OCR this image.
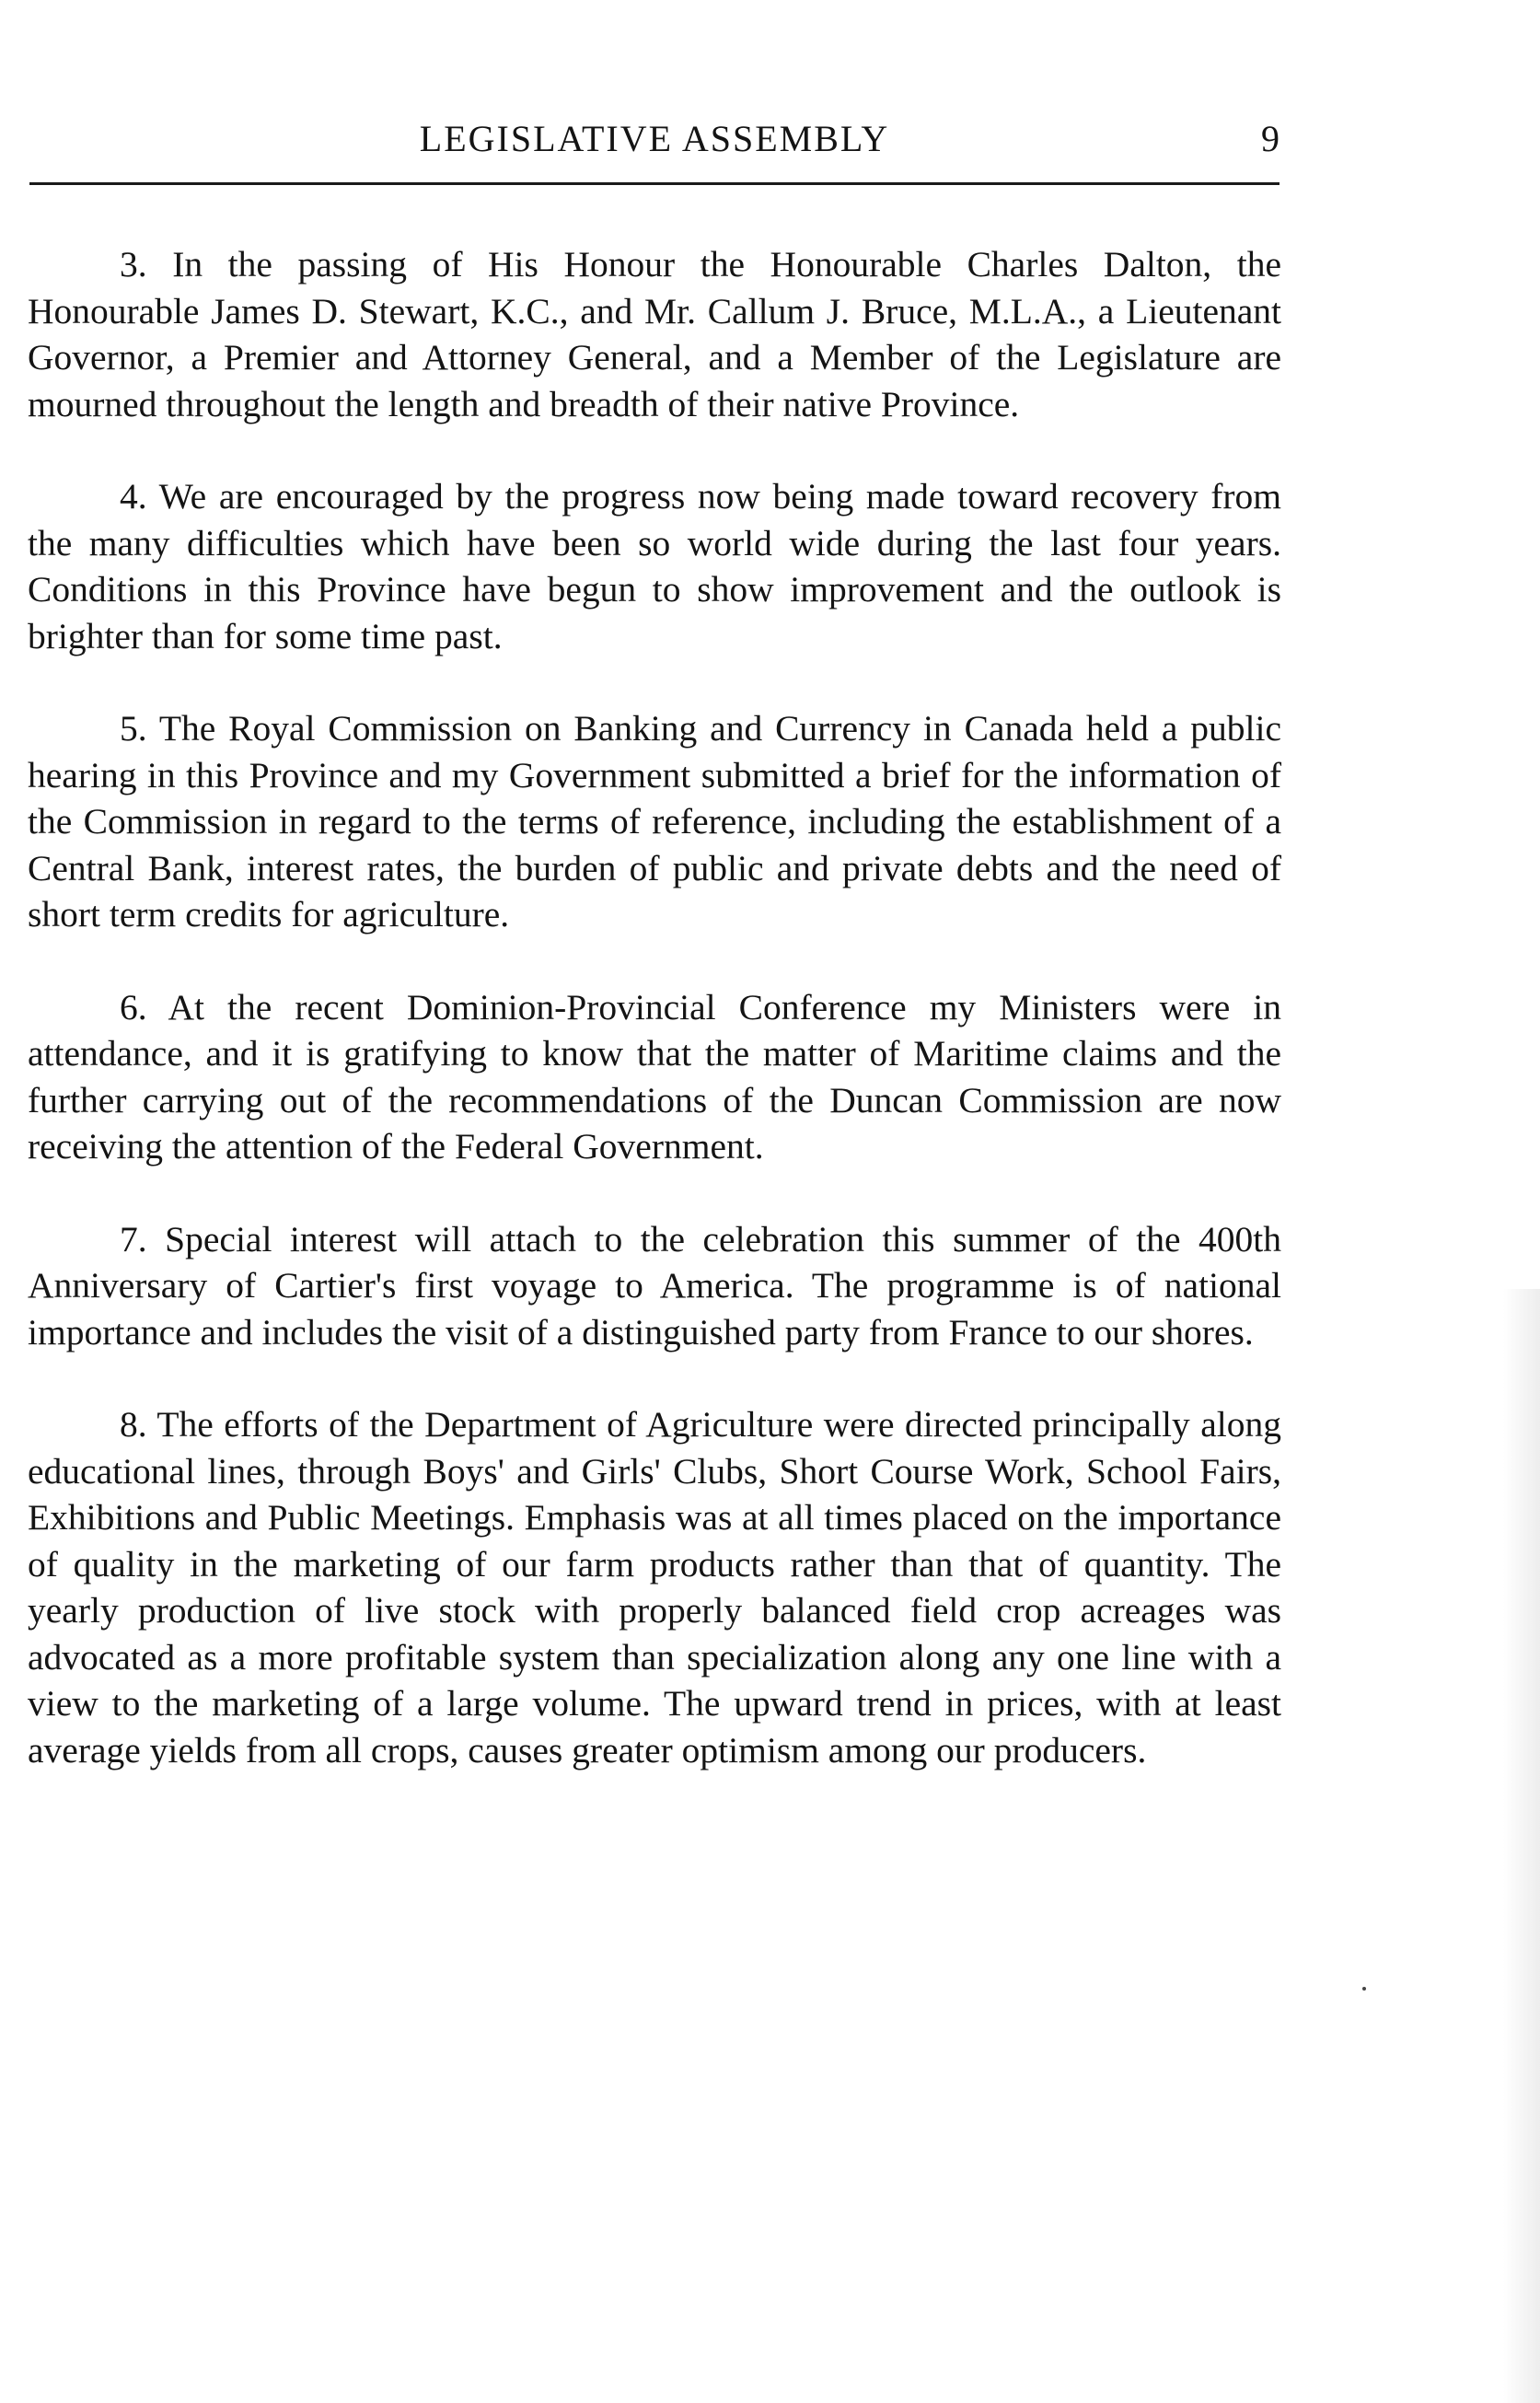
LEGISLATIVE ASSEMBLY	9

3. In the passing of His Honour the Honourable Charles Dalton, the Honourable James D. Stewart, K.C., and Mr. Callum J. Bruce, M.L.A., a Lieutenant Governor, a Premier and Attorney General, and a Member of the Legislature are mourned throughout the length and breadth of their native Province.

4. We are encouraged by the progress now being made toward recovery from the many difficulties which have been so world wide during the last four years. Conditions in this Province have begun to show improvement and the outlook is brighter than for some time past.

5. The Royal Commission on Banking and Currency in Canada held a public hearing in this Province and my Government submitted a brief for the information of the Commission in regard to the terms of reference, including the establishment of a Central Bank, interest rates, the burden of public and private debts and the need of short term credits for agriculture.

6. At the recent Dominion-Provincial Conference my Ministers were in attendance, and it is gratifying to know that the matter of Maritime claims and the further carrying out of the recommendations of the Duncan Commission are now receiving the attention of the Federal Government.

7. Special interest will attach to the celebration this summer of the 400th Anniversary of Cartier's first voyage to America. The programme is of national importance and includes the visit of a distinguished party from France to our shores.

8. The efforts of the Department of Agriculture were directed principally along educational lines, through Boys' and Girls' Clubs, Short Course Work, School Fairs, Exhibitions and Public Meetings. Emphasis was at all times placed on the importance of quality in the marketing of our farm products rather than that of quantity. The yearly production of live stock with properly balanced field crop acreages was advocated as a more profitable system than specialization along any one line with a view to the marketing of a large volume. The upward trend in prices, with at least average yields from all crops, causes greater optimism among our producers.
